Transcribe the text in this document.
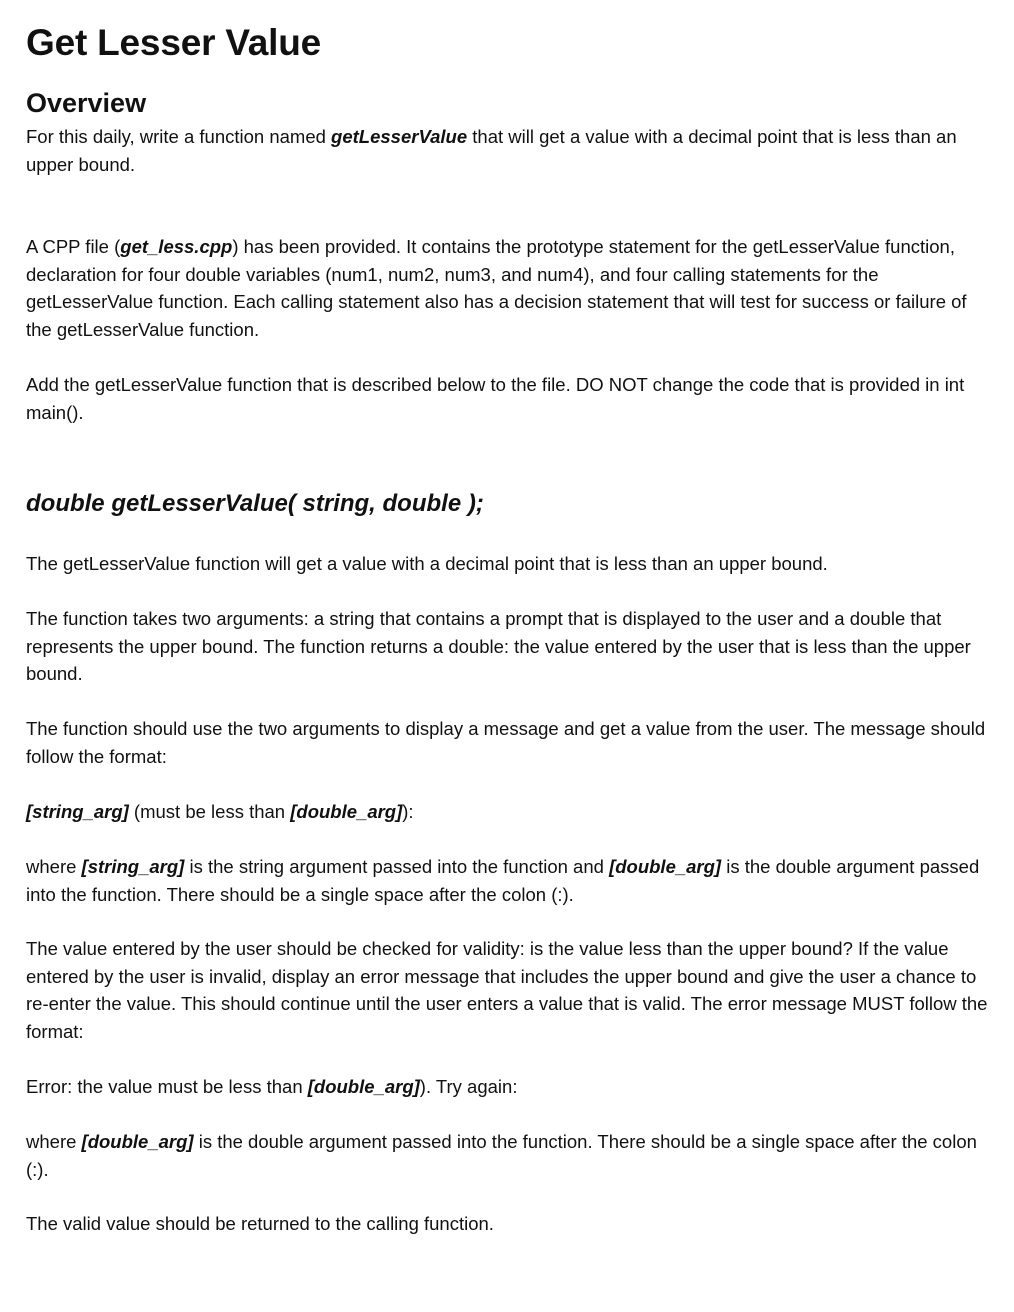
Get Lesser Value
Overview

For this daily, write a function named getLesserValue that will get a value with a decimal point that is less than an upper bound.

A CPP file (get_less.cpp) has been provided. It contains the prototype statement for the getLesserValue function, declaration for four double variables (num1, num2, num3, and num4), and four calling statements for the getLesserValue function. Each calling statement also has a decision statement that will test for success or failure of the getLesserValue function.

Add the getLesserValue function that is described below to the file. DO NOT change the code that is provided in int main().

double getLesserValue( string, double );

The getLesserValue function will get a value with a decimal point that is less than an upper bound.

The function takes two arguments: a string that contains a prompt that is displayed to the user and a double that represents the upper bound. The function returns a double: the value entered by the user that is less than the upper bound.

The function should use the two arguments to display a message and get a value from the user. The message should follow the format:

[string_arg] (must be less than [double_arg]):

where [string_arg] is the string argument passed into the function and [double_arg] is the double argument passed into the function. There should be a single space after the colon (:).

The value entered by the user should be checked for validity: is the value less than the upper bound? If the value entered by the user is invalid, display an error message that includes the upper bound and give the user a chance to re-enter the value. This should continue until the user enters a value that is valid. The error message MUST follow the format:

Error: the value must be less than [double_arg]). Try again:

where [double_arg] is the double argument passed into the function. There should be a single space after the colon (:).

The valid value should be returned to the calling function.
